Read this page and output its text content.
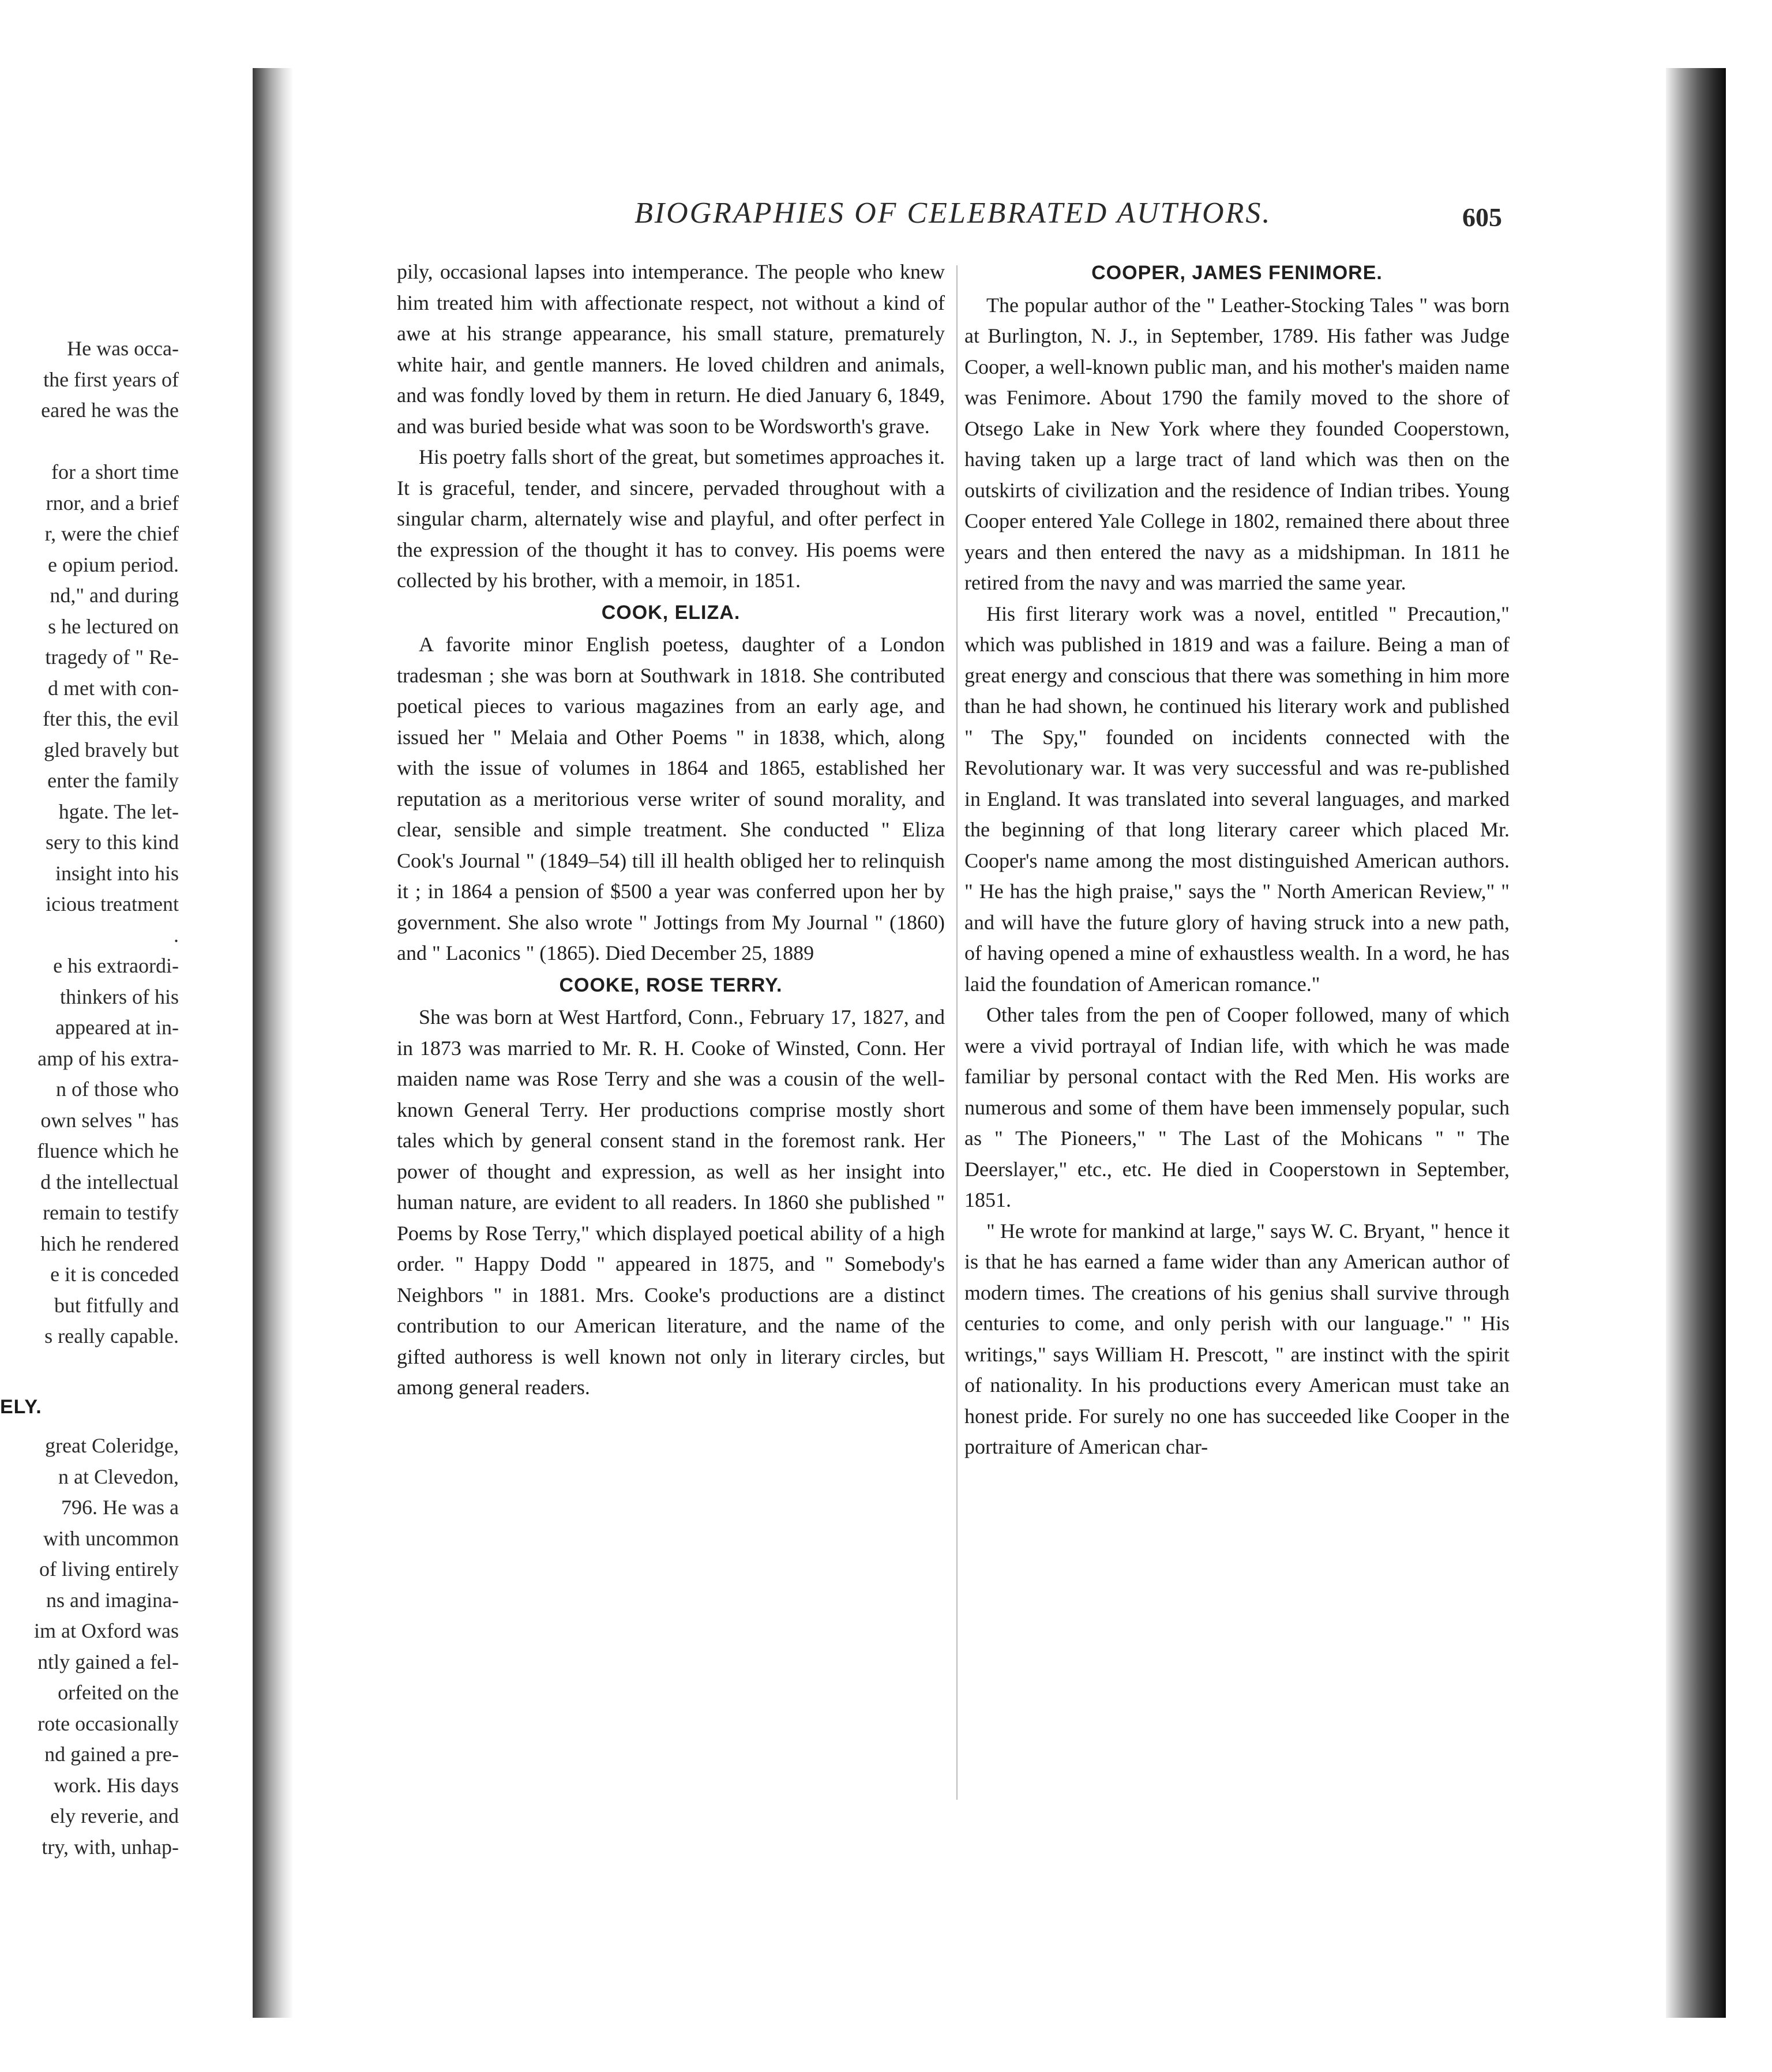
He was occa-
the first years of
eared he was the
for a short time
rnor, and a brief
r, were the chief
e opium period.
nd," and during
s he lectured on
tragedy of " Re-
d met with con-
fter this, the evil
gled bravely but
enter the family
hgate. The let-
sery to this kind
insight into his
icious treatment
.
e his extraordi-
thinkers of his
appeared at in-
amp of his extra-
n of those who
own selves " has
fluence which he
d the intellectual
remain to testify
hich he rendered
e it is conceded
but fitfully and
s really capable.
ELY.
great Coleridge,
n at Clevedon,
796. He was a
with uncommon
of living entirely
ns and imagina-
im at Oxford was
ntly gained a fel-
orfeited on the
rote occasionally
nd gained a pre-
work. His days
ely reverie, and
try, with, unhap-
BIOGRAPHIES OF CELEBRATED AUTHORS.	605

pily, occasional lapses into intemperance. The people who knew him treated him with affectionate respect, not without a kind of awe at his strange appearance, his small stature, prematurely white hair, and gentle manners. He loved children and animals, and was fondly loved by them in return. He died January 6, 1849, and was buried beside what was soon to be Wordsworth's grave.

His poetry falls short of the great, but sometimes approaches it. It is graceful, tender, and sincere, pervaded throughout with a singular charm, alternately wise and playful, and ofter perfect in the expression of the thought it has to convey. His poems were collected by his brother, with a memoir, in 1851.

COOK, ELIZA.

A favorite minor English poetess, daughter of a London tradesman ; she was born at Southwark in 1818. She contributed poetical pieces to various magazines from an early age, and issued her " Melaia and Other Poems " in 1838, which, along with the issue of volumes in 1864 and 1865, established her reputation as a meritorious verse writer of sound morality, and clear, sensible and simple treatment. She conducted " Eliza Cook's Journal " (1849–54) till ill health obliged her to relinquish it ; in 1864 a pension of $500 a year was conferred upon her by government. She also wrote " Jottings from My Journal " (1860) and " Laconics " (1865). Died December 25, 1889

COOKE, ROSE TERRY.

She was born at West Hartford, Conn., February 17, 1827, and in 1873 was married to Mr. R. H. Cooke of Winsted, Conn. Her maiden name was Rose Terry and she was a cousin of the well-known General Terry. Her productions comprise mostly short tales which by general consent stand in the foremost rank. Her power of thought and expression, as well as her insight into human nature, are evident to all readers. In 1860 she published " Poems by Rose Terry," which displayed poetical ability of a high order. " Happy Dodd " appeared in 1875, and " Somebody's Neighbors " in 1881. Mrs. Cooke's productions are a distinct contribution to our American literature, and the name of the gifted authoress is well known not only in literary circles, but among general readers.

COOPER, JAMES FENIMORE.

The popular author of the " Leather-Stocking Tales " was born at Burlington, N. J., in September, 1789. His father was Judge Cooper, a well-known public man, and his mother's maiden name was Fenimore. About 1790 the family moved to the shore of Otsego Lake in New York where they founded Cooperstown, having taken up a large tract of land which was then on the outskirts of civilization and the residence of Indian tribes. Young Cooper entered Yale College in 1802, remained there about three years and then entered the navy as a midshipman. In 1811 he retired from the navy and was married the same year.

His first literary work was a novel, entitled " Precaution," which was published in 1819 and was a failure. Being a man of great energy and conscious that there was something in him more than he had shown, he continued his literary work and published " The Spy," founded on incidents connected with the Revolutionary war. It was very successful and was re-published in England. It was translated into several languages, and marked the beginning of that long literary career which placed Mr. Cooper's name among the most distinguished American authors. " He has the high praise," says the " North American Review," " and will have the future glory of having struck into a new path, of having opened a mine of exhaustless wealth. In a word, he has laid the foundation of American romance."

Other tales from the pen of Cooper followed, many of which were a vivid portrayal of Indian life, with which he was made familiar by personal contact with the Red Men. His works are numerous and some of them have been immensely popular, such as " The Pioneers," " The Last of the Mohicans " " The Deerslayer," etc., etc. He died in Cooperstown in September, 1851.

" He wrote for mankind at large," says W. C. Bryant, " hence it is that he has earned a fame wider than any American author of modern times. The creations of his genius shall survive through centuries to come, and only perish with our language." " His writings," says William H. Prescott, " are instinct with the spirit of nationality. In his productions every American must take an honest pride. For surely no one has succeeded like Cooper in the portraiture of American char-
